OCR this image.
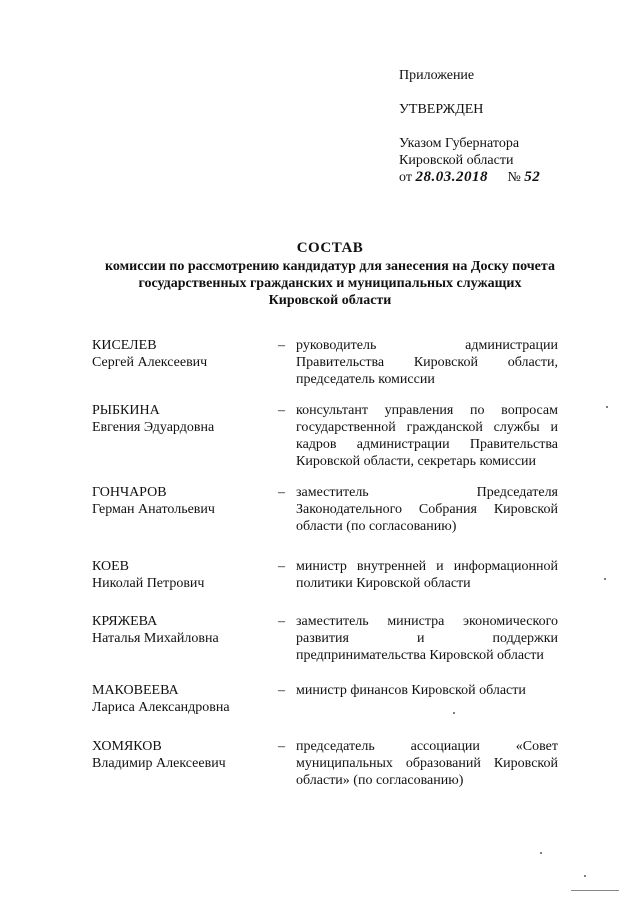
Приложение
УТВЕРЖДЕН
Указом Губернатора
Кировской области
от 28.03.2018 № 52
СОСТАВ
комиссии по рассмотрению кандидатур для занесения на Доску почета
государственных гражданских и муниципальных служащих
Кировской области
КИСЕЛЕВ
Сергей Алексеевич
– руководитель администрации Правительства Кировской области, председатель комиссии
РЫБКИНА
Евгения Эдуардовна
– консультант управления по вопросам государственной гражданской службы и кадров администрации Правительства Кировской области, секретарь комиссии
ГОНЧАРОВ
Герман Анатольевич
– заместитель Председателя Законодательного Собрания Кировской области (по согласованию)
КОЕВ
Николай Петрович
– министр внутренней и информационной политики Кировской области
КРЯЖЕВА
Наталья Михайловна
– заместитель министра экономического развития и поддержки предпринимательства Кировской области
МАКОВЕЕВА
Лариса Александровна
– министр финансов Кировской области
ХОМЯКОВ
Владимир Алексеевич
– председатель ассоциации «Совет муниципальных образований Кировской области» (по согласованию)
